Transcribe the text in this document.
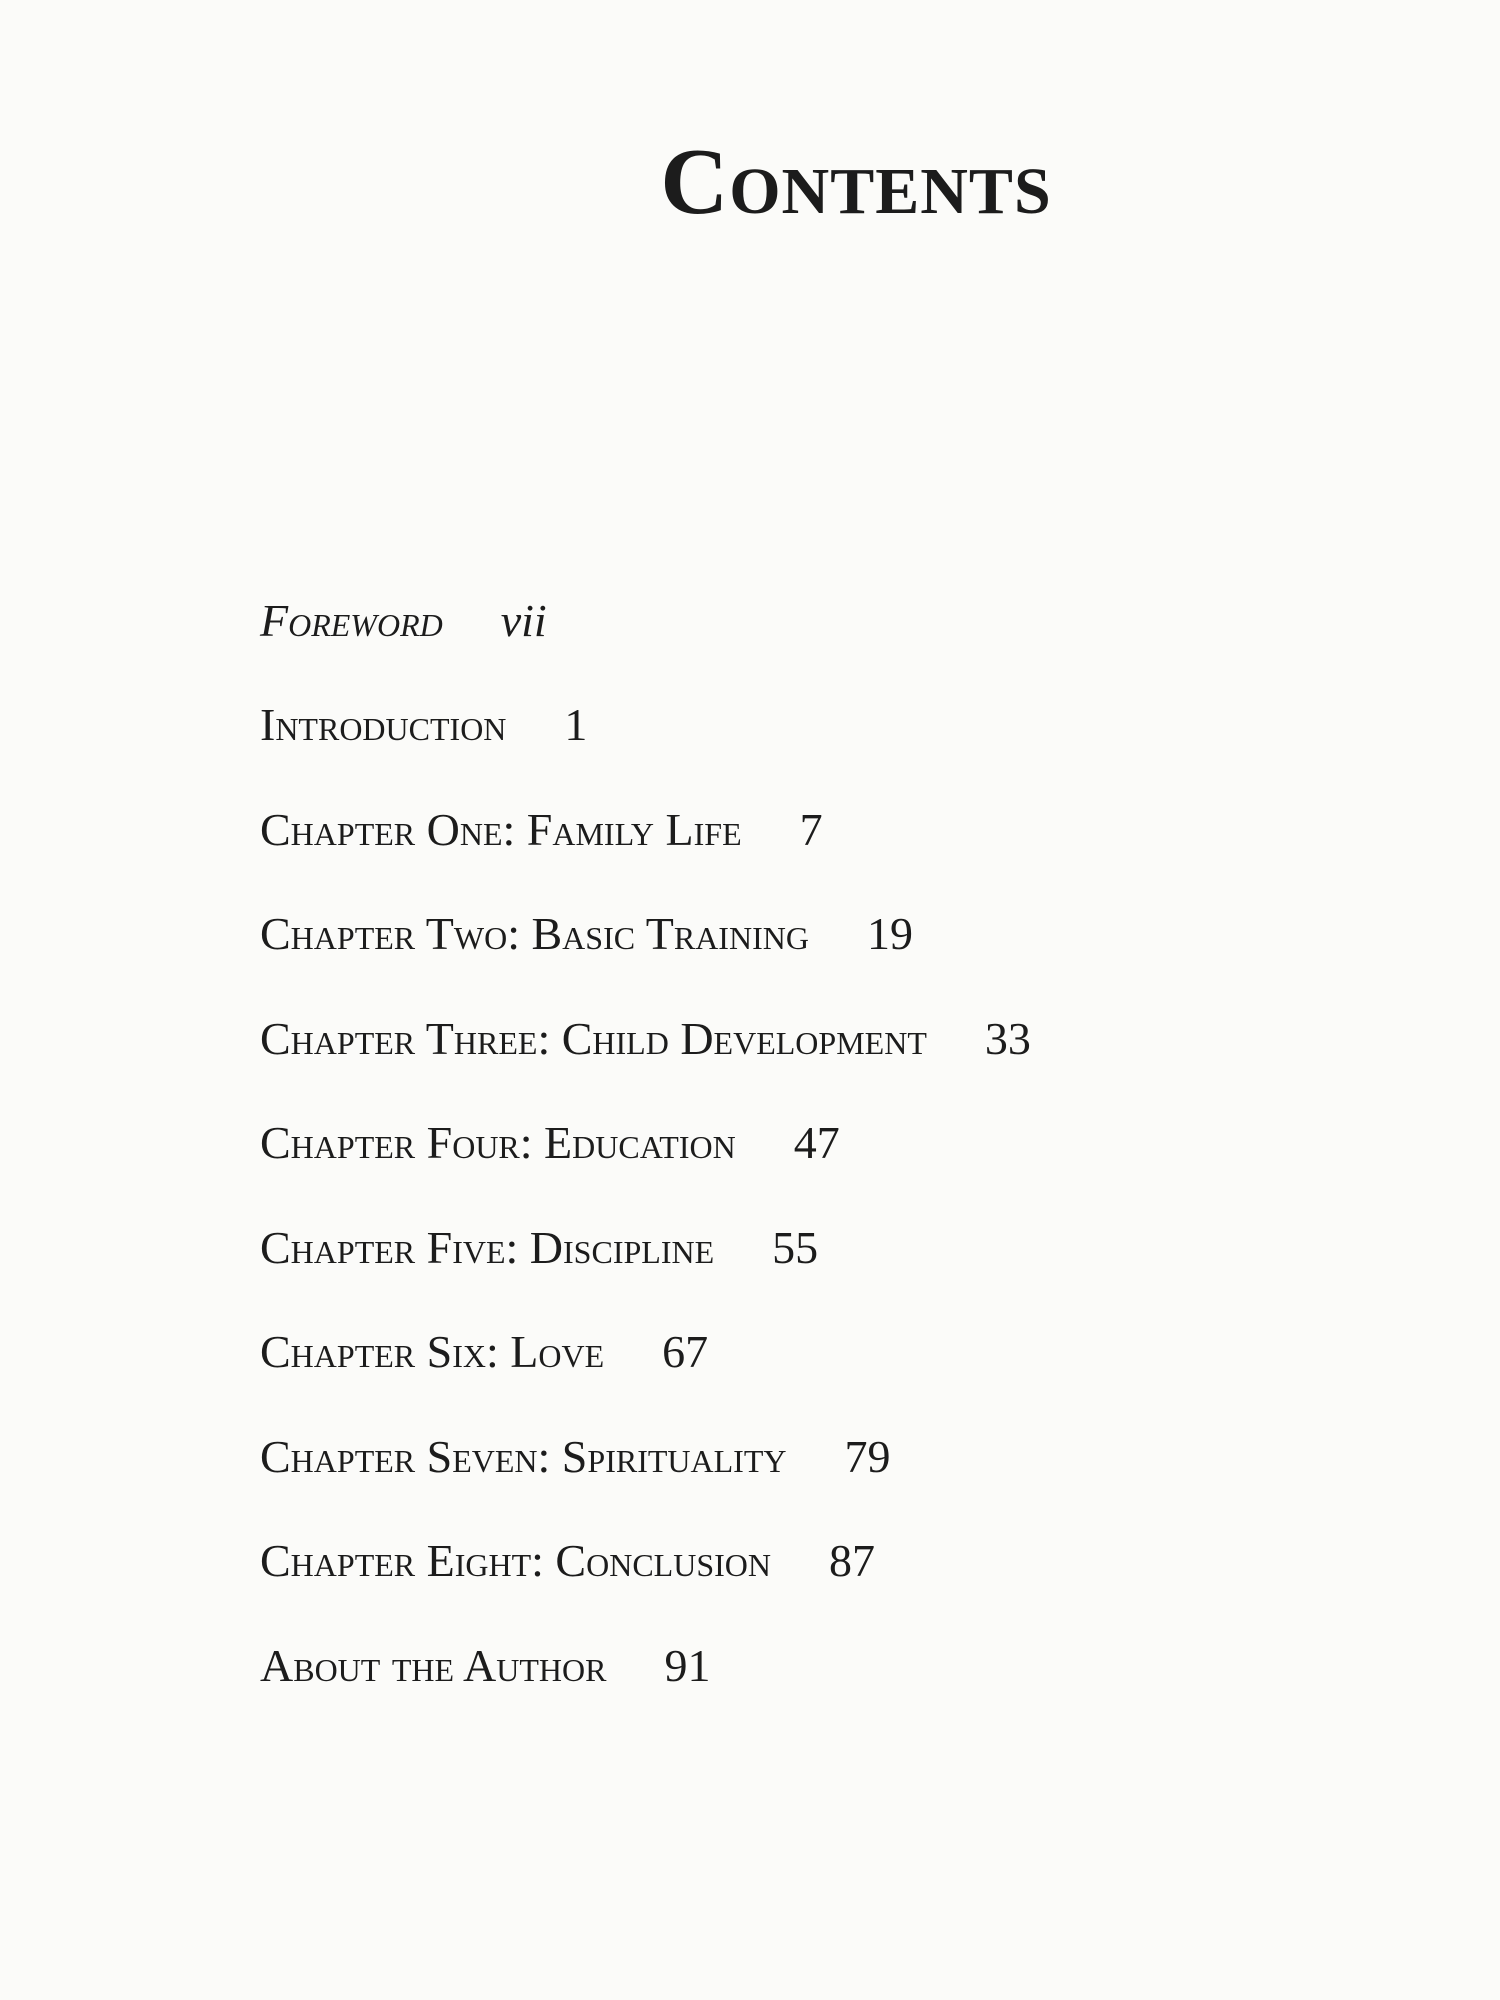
Contents
Foreword vii
Introduction 1
Chapter One: Family Life 7
Chapter Two: Basic Training 19
Chapter Three: Child Development 33
Chapter Four: Education 47
Chapter Five: Discipline 55
Chapter Six: Love 67
Chapter Seven: Spirituality 79
Chapter Eight: Conclusion 87
About the Author 91
